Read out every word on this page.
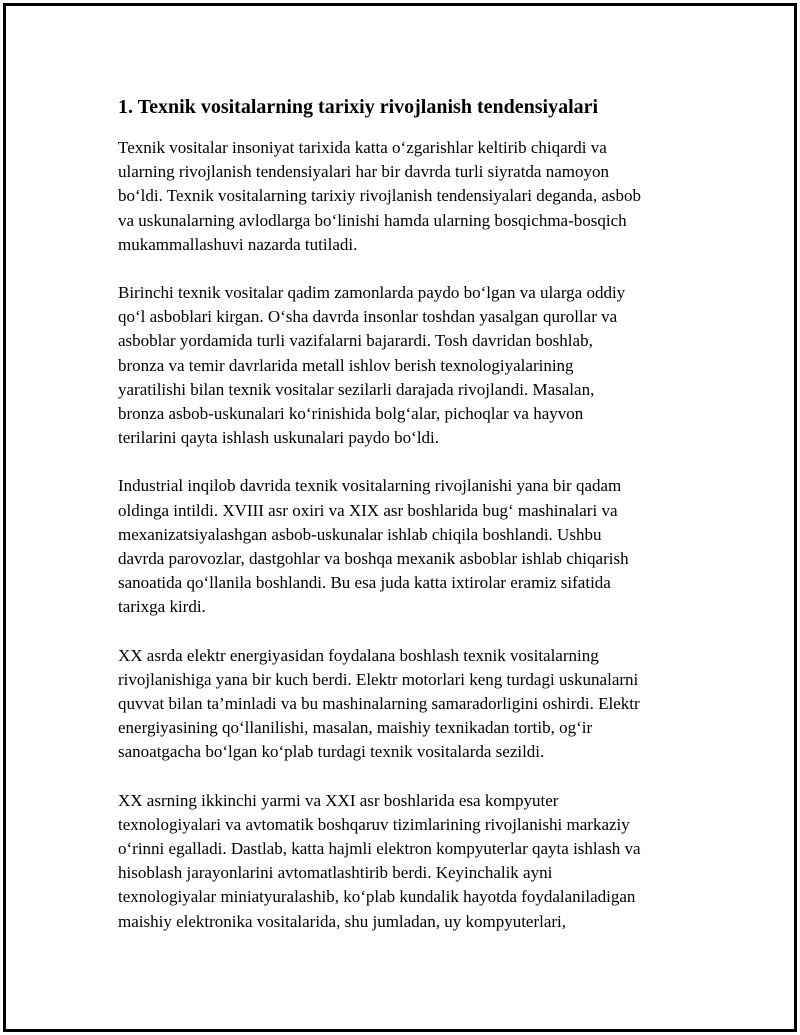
1. Texnik vositalarning tarixiy rivojlanish tendensiyalari

Texnik vositalar insoniyat tarixida katta o‘zgarishlar keltirib chiqardi va
ularning rivojlanish tendensiyalari har bir davrda turli siyratda namoyon
bo‘ldi. Texnik vositalarning tarixiy rivojlanish tendensiyalari deganda, asbob
va uskunalarning avlodlarga bo‘linishi hamda ularning bosqichma-bosqich
mukammallashuvi nazarda tutiladi.

Birinchi texnik vositalar qadim zamonlarda paydo bo‘lgan va ularga oddiy
qo‘l asboblari kirgan. O‘sha davrda insonlar toshdan yasalgan qurollar va
asboblar yordamida turli vazifalarni bajarardi. Tosh davridan boshlab,
bronza va temir davrlarida metall ishlov berish texnologiyalarining
yaratilishi bilan texnik vositalar sezilarli darajada rivojlandi. Masalan,
bronza asbob-uskunalari ko‘rinishida bolg‘alar, pichoqlar va hayvon
terilarini qayta ishlash uskunalari paydo bo‘ldi.

Industrial inqilob davrida texnik vositalarning rivojlanishi yana bir qadam
oldinga intildi. XVIII asr oxiri va XIX asr boshlarida bug‘ mashinalari va
mexanizatsiyalashgan asbob-uskunalar ishlab chiqila boshlandi. Ushbu
davrda parovozlar, dastgohlar va boshqa mexanik asboblar ishlab chiqarish
sanoatida qo‘llanila boshlandi. Bu esa juda katta ixtirolar eramiz sifatida
tarixga kirdi.

XX asrda elektr energiyasidan foydalana boshlash texnik vositalarning
rivojlanishiga yana bir kuch berdi. Elektr motorlari keng turdagi uskunalarni
quvvat bilan ta’minladi va bu mashinalarning samaradorligini oshirdi. Elektr
energiyasining qo‘llanilishi, masalan, maishiy texnikadan tortib, og‘ir
sanoatgacha bo‘lgan ko‘plab turdagi texnik vositalarda sezildi.

XX asrning ikkinchi yarmi va XXI asr boshlarida esa kompyuter
texnologiyalari va avtomatik boshqaruv tizimlarining rivojlanishi markaziy
o‘rinni egalladi. Dastlab, katta hajmli elektron kompyuterlar qayta ishlash va
hisoblash jarayonlarini avtomatlashtirib berdi. Keyinchalik ayni
texnologiyalar miniatyuralashib, ko‘plab kundalik hayotda foydalaniladigan
maishiy elektronika vositalarida, shu jumladan, uy kompyuterlari,
